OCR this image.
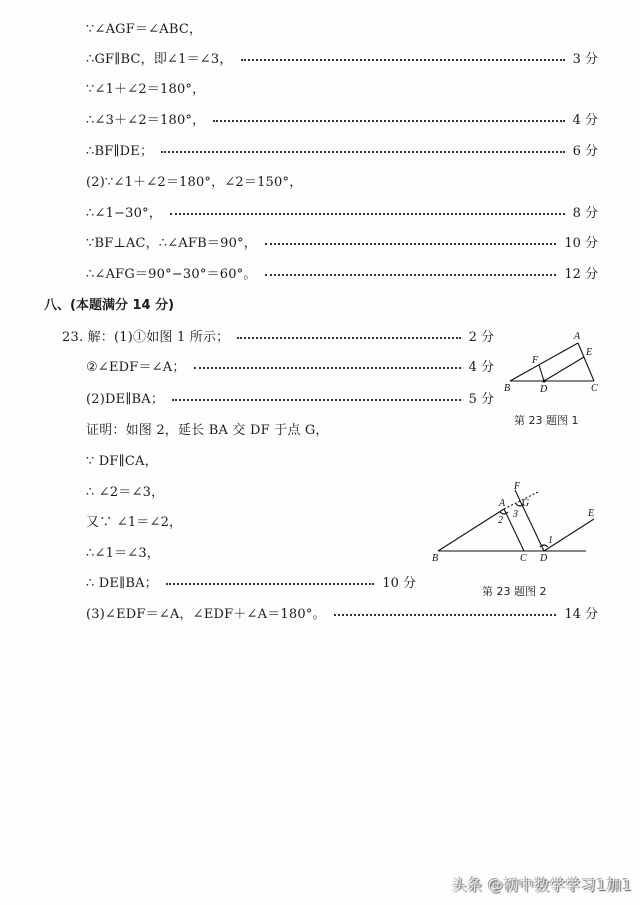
∵∠AGF＝∠ABC，
∴GF∥BC，即∠1＝∠3，	3 分
∵∠1＋∠2＝180°，
∴∠3＋∠2＝180°，	4 分
∴BF∥DE；	6 分
(2)∵∠1＋∠2＝180°，∠2＝150°，
∴∠1−30°，	8 分
∵BF⊥AC，∴∠AFB＝90°，	10 分
∴∠AFG＝90°−30°＝60°。	12 分
八、(本题满分 14 分)
23. 解：(1)①如图 1 所示；	2 分
②∠EDF＝∠A；	4 分
(2)DE∥BA；	5 分
证明：如图 2，延长 BA 交 DF 于点 G，
∵ DF∥CA，
∴ ∠2＝∠3，
又∵ ∠1＝∠2，
∴∠1＝∠3，
∴ DE∥BA；	10 分
(3)∠EDF＝∠A，∠EDF＋∠A＝180°。	14 分
A
B	C
D
E
F
第 23 题图 1
A
B	C D
E
F
G
1
2
3
第 23 题图 2
头条 @初中数学学习1加1
